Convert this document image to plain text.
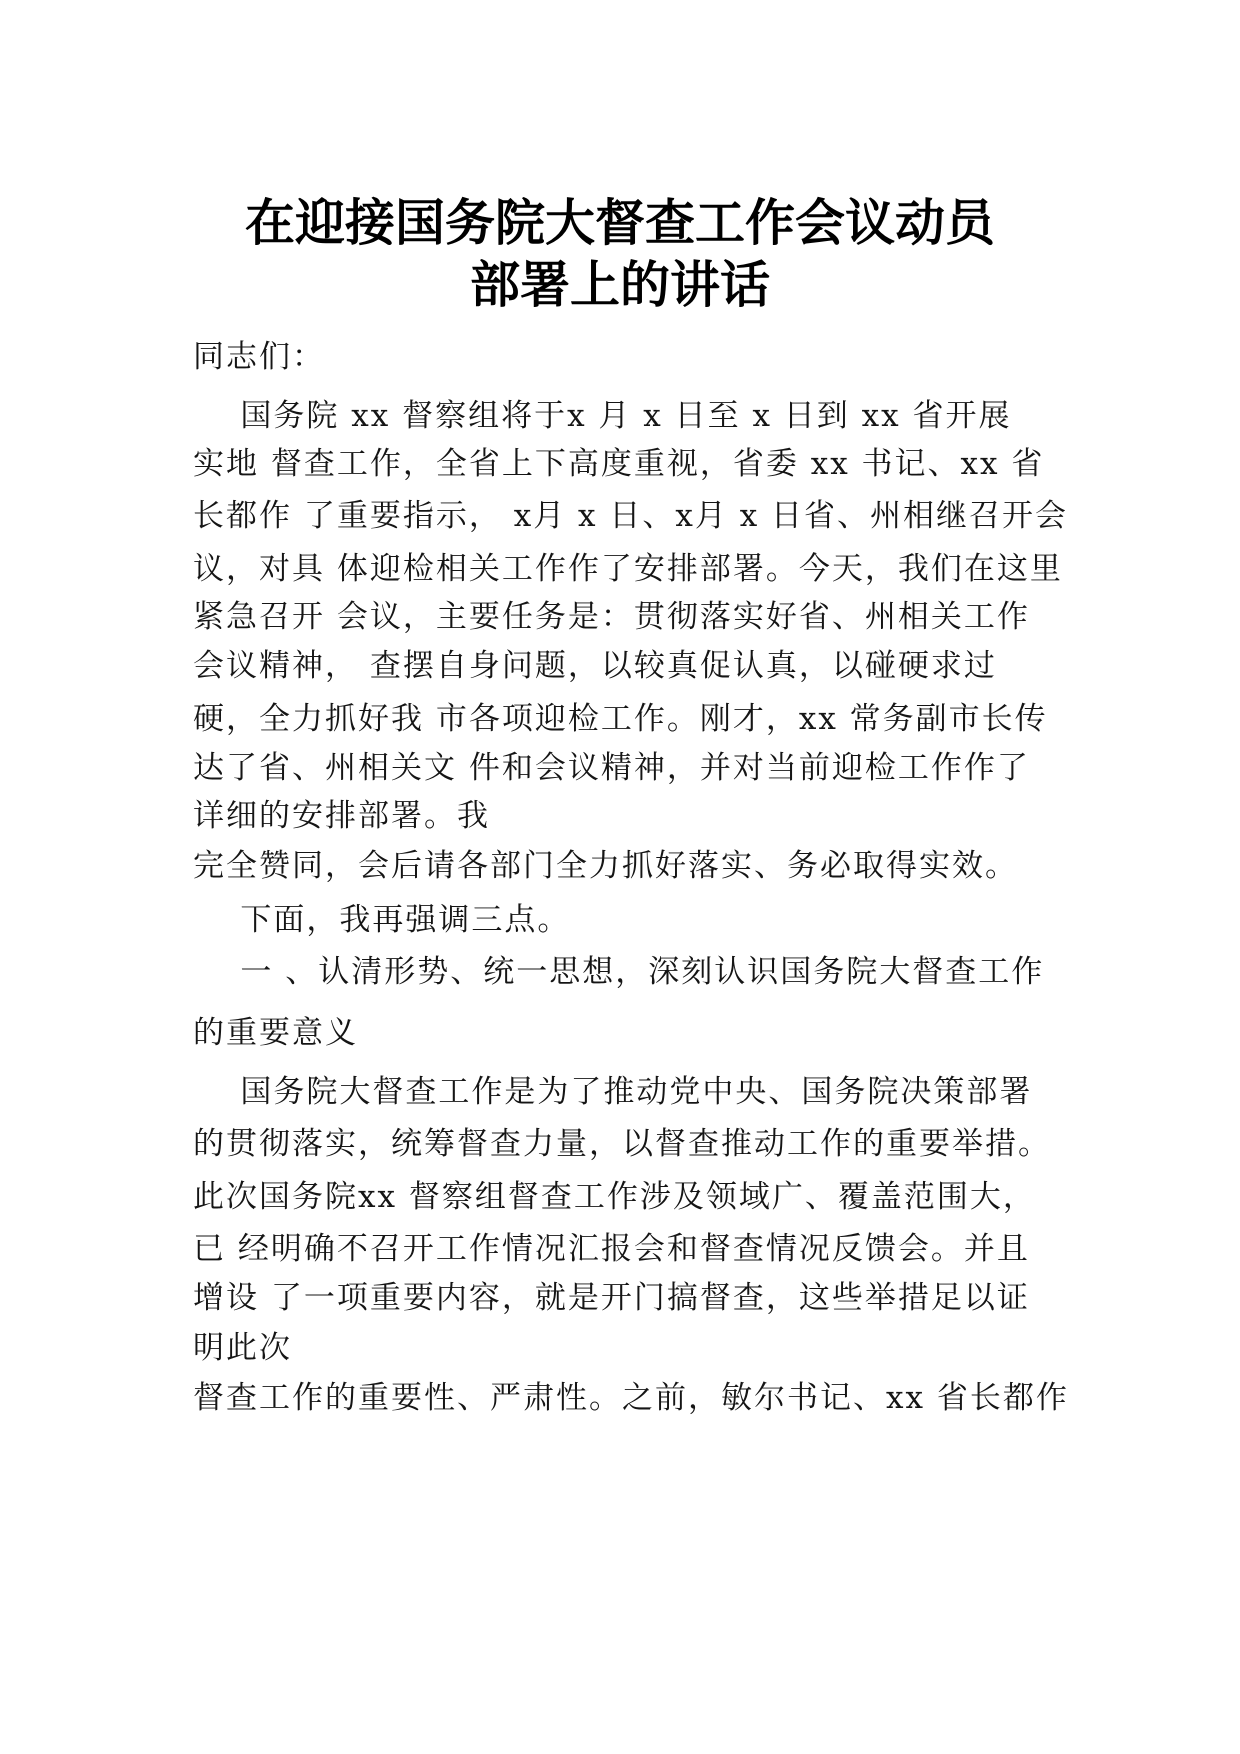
在迎接国务院大督查工作会议动员
部署上的讲话
同志们：
国务院 xx 督察组将于x 月 x 日至 x 日到 xx 省开展
实地 督查工作，全省上下高度重视，省委 xx 书记、xx 省
长都作 了重要指示， x月 x 日、x月 x 日省、州相继召开会
议，对具 体迎检相关工作作了安排部署。今天，我们在这里
紧急召开 会议，主要任务是：贯彻落实好省、州相关工作
会议精神， 查摆自身问题，以较真促认真，以碰硬求过
硬，全力抓好我 市各项迎检工作。刚才，xx 常务副市长传
达了省、州相关文 件和会议精神，并对当前迎检工作作了
详细的安排部署。我
完全赞同，会后请各部门全力抓好落实、务必取得实效。
下面，我再强调三点。
一 、认清形势、统一思想，深刻认识国务院大督查工作
的重要意义
国务院大督查工作是为了推动党中央、国务院决策部署
的贯彻落实，统筹督查力量，以督查推动工作的重要举措。
此次国务院xx 督察组督查工作涉及领域广、覆盖范围大，
已 经明确不召开工作情况汇报会和督查情况反馈会。并且
增设 了一项重要内容，就是开门搞督查，这些举措足以证
明此次
督查工作的重要性、严肃性。之前，敏尔书记、xx 省长都作
